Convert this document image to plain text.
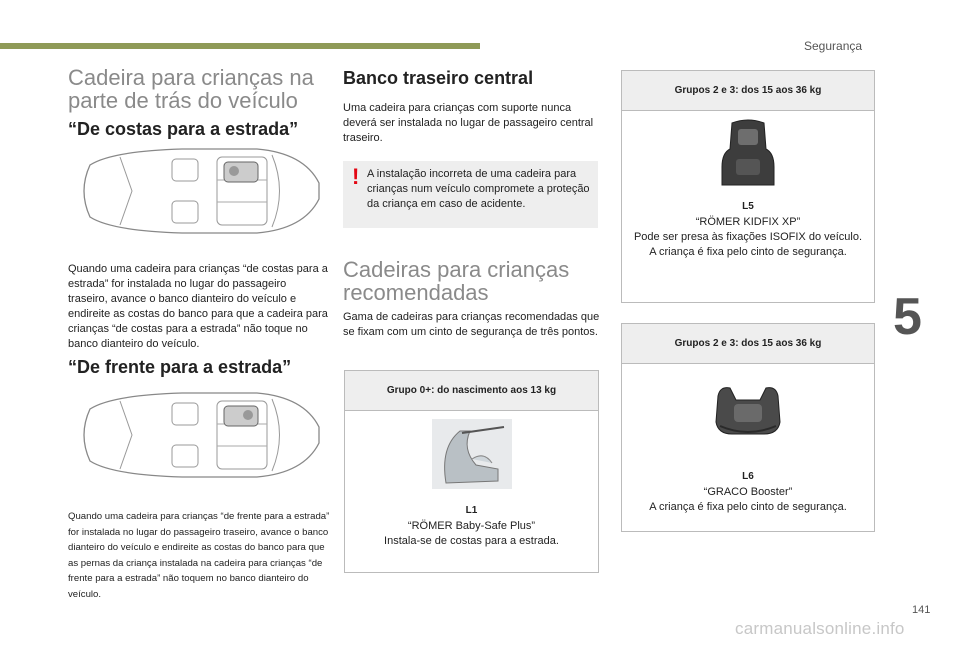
Segurança
5
141
Cadeira para crianças na parte de trás do veículo
“De costas para a estrada”

Quando uma cadeira para crianças “de costas para a estrada” for instalada no lugar do passageiro traseiro, avance o banco dianteiro do veículo e endireite as costas do banco para que a cadeira para crianças “de costas para a estrada” não toque no banco dianteiro do veículo.

“De frente para a estrada”

Quando uma cadeira para crianças “de frente para a estrada” for instalada no lugar do passageiro traseiro, avance o banco dianteiro do veículo e endireite as costas do banco para que as pernas da criança instalada na cadeira para crianças “de frente para a estrada” não toquem no banco dianteiro do veículo.

Banco traseiro central

Uma cadeira para crianças com suporte nunca deverá ser instalada no lugar de passageiro central traseiro.

! A instalação incorreta de uma cadeira para crianças num veículo compromete a proteção da criança em caso de acidente.

Cadeiras para crianças recomendadas

Gama de cadeiras para crianças recomendadas que se fixam com um cinto de segurança de três pontos.

Grupo 0+: do nascimento aos 13 kg
L1

“RÖMER Baby-Safe Plus”
Instala-se de costas para a estrada.

Grupos 2 e 3: dos 15 aos 36 kg
L5

“RÖMER KIDFIX XP”
Pode ser presa às fixações ISOFIX do veículo.
A criança é fixa pelo cinto de segurança.

Grupos 2 e 3: dos 15 aos 36 kg
L6

“GRACO Booster”
A criança é fixa pelo cinto de segurança.

carmanualsonline.info
